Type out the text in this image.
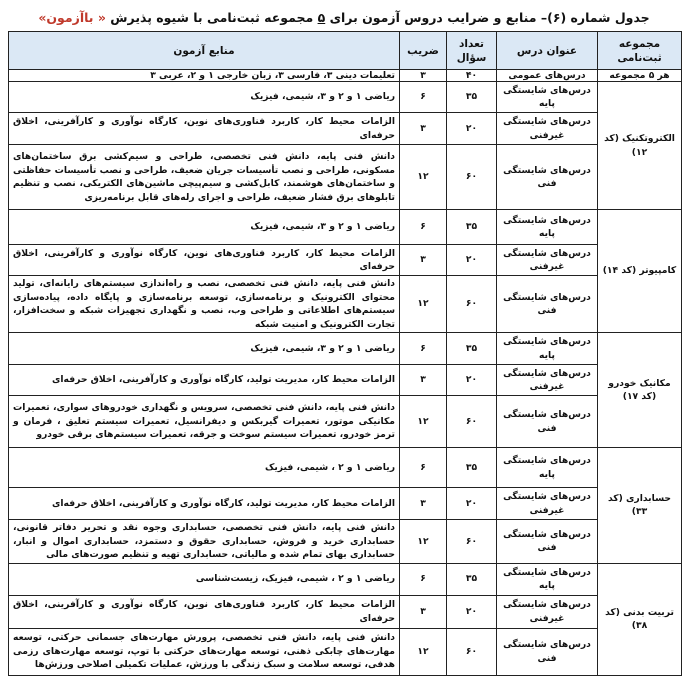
جدول شماره (۶)– منابع و ضرایب دروس آزمون برای ۵ مجموعه ثبت‌نامی با شیوه پذیرش « باآزمون»
مجموعه ثبت‌نامی	عنوان درس	تعداد سؤال	ضریب	منابع آزمون
هر ۵ مجموعه	درس‌های عمومی	۴۰	۳	تعلیمات دینی ۳، فارسی ۳، زبان خارجی ۱ و ۲، عربی ۳
الکتروتکنیک (کد ۱۲)	درس‌های شایستگی پایه	۳۵	۶	ریاضی ۱ و ۲ و ۳، شیمی، فیزیک
	درس‌های شایستگی غیرفنی	۲۰	۳	الزامات محیط کار، کاربرد فناوری‌های نوین، کارگاه نوآوری و کارآفرینی، اخلاق حرفه‌ای
	درس‌های شایستگی فنی	۶۰	۱۲	دانش فنی پایه، دانش فنی تخصصی، طراحی و سیم‌کشی برق ساختمان‌های مسکونی، طراحی و نصب تأسیسات جریان ضعیف، طراحی و نصب تأسیسات حفاظتی و ساختمان‌های هوشمند، کابل‌کشی و سیم‌پیچی ماشین‌های الکتریکی، نصب و تنظیم تابلوهای برق فشار ضعیف، طراحی و اجرای رله‌های قابل برنامه‌ریزی
کامپیوتر (کد ۱۴)	درس‌های شایستگی پایه	۳۵	۶	ریاضی ۱ و ۲ و ۳، شیمی، فیزیک
	درس‌های شایستگی غیرفنی	۲۰	۳	الزامات محیط کار، کاربرد فناوری‌های نوین، کارگاه نوآوری و کارآفرینی، اخلاق حرفه‌ای
	درس‌های شایستگی فنی	۶۰	۱۲	دانش فنی پایه، دانش فنی تخصصی، نصب و راه‌اندازی سیستم‌های رایانه‌ای، تولید محتوای الکترونیک و برنامه‌سازی، توسعه برنامه‌سازی و پایگاه داده، پیاده‌سازی سیستم‌های اطلاعاتی و طراحی وب، نصب و نگهداری تجهیزات شبکه و سخت‌افزار، تجارت الکترونیک و امنیت شبکه
مکانیک خودرو (کد ۱۷)	درس‌های شایستگی پایه	۳۵	۶	ریاضی ۱ و ۲ و ۳، شیمی، فیزیک
	درس‌های شایستگی غیرفنی	۲۰	۳	الزامات محیط کار، مدیریت تولید، کارگاه نوآوری و کارآفرینی، اخلاق حرفه‌ای
	درس‌های شایستگی فنی	۶۰	۱۲	دانش فنی پایه، دانش فنی تخصصی، سرویس و نگهداری خودروهای سواری، تعمیرات مکانیکی موتور، تعمیرات گیربکس و دیفرانسیل، تعمیرات سیستم تعلیق ، فرمان و ترمز خودرو، تعمیرات سیستم سوخت و جرقه، تعمیرات سیستم‌های برقی خودرو
حسابداری (کد ۳۳)	درس‌های شایستگی پایه	۳۵	۶	ریاضی ۱ و ۲ ، شیمی، فیزیک
	درس‌های شایستگی غیرفنی	۲۰	۳	الزامات محیط کار، مدیریت تولید، کارگاه نوآوری و کارآفرینی، اخلاق حرفه‌ای
	درس‌های شایستگی فنی	۶۰	۱۲	دانش فنی پایه، دانش فنی تخصصی، حسابداری وجوه نقد و تحریر دفاتر قانونی، حسابداری خرید و فروش، حسابداری حقوق و دستمزد، حسابداری اموال و انبار، حسابداری بهای تمام شده و مالیاتی، حسابداری تهیه و تنظیم صورت‌های مالی
تربیت بدنی (کد ۳۸)	درس‌های شایستگی پایه	۳۵	۶	ریاضی ۱ و ۲ ، شیمی، فیزیک، زیست‌شناسی
	درس‌های شایستگی غیرفنی	۲۰	۳	الزامات محیط کار، کاربرد فناوری‌های نوین، کارگاه نوآوری و کارآفرینی، اخلاق حرفه‌ای
	درس‌های شایستگی فنی	۶۰	۱۲	دانش فنی پایه، دانش فنی تخصصی، پرورش مهارت‌های جسمانی حرکتی، توسعه مهارت‌های چابکی ذهنی، توسعه مهارت‌های حرکتی با توپ، توسعه مهارت‌های رزمی هدفی، توسعه سلامت و سبک زندگی با ورزش، عملیات تکمیلی اصلاحی ورزش‌ها
